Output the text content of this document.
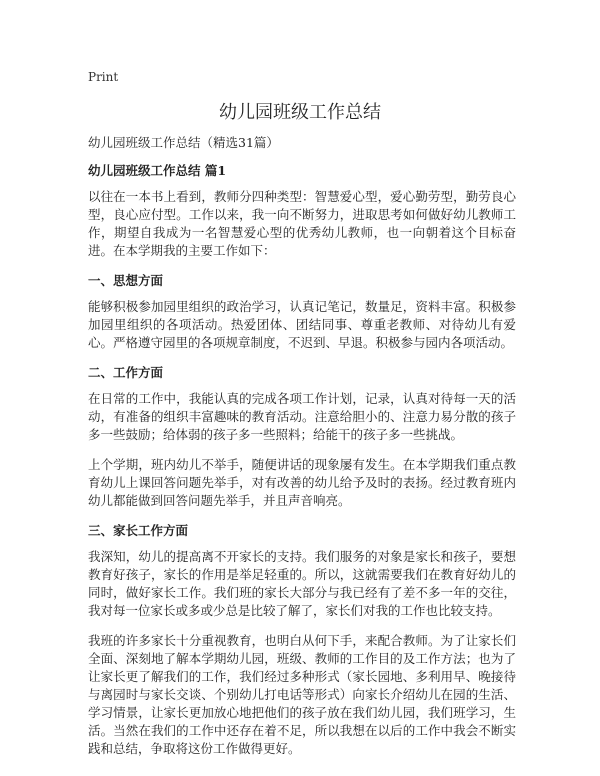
Print
幼儿园班级工作总结

幼儿园班级工作总结（精选31篇）

幼儿园班级工作总结 篇1

以往在一本书上看到，教师分四种类型：智慧爱心型，爱心勤劳型，勤劳良心型，良心应付型。工作以来，我一向不断努力，进取思考如何做好幼儿教师工作，期望自我成为一名智慧爱心型的优秀幼儿教师，也一向朝着这个目标奋进。在本学期我的主要工作如下：

一、思想方面

能够积极参加园里组织的政治学习，认真记笔记，数量足，资料丰富。积极参加园里组织的各项活动。热爱团体、团结同事、尊重老教师、对待幼儿有爱心。严格遵守园里的各项规章制度，不迟到、早退。积极参与园内各项活动。

二、工作方面

在日常的工作中，我能认真的完成各项工作计划，记录，认真对待每一天的活动，有准备的组织丰富趣味的教育活动。注意给胆小的、注意力易分散的孩子多一些鼓励；给体弱的孩子多一些照料；给能干的孩子多一些挑战。

上个学期，班内幼儿不举手，随便讲话的现象屡有发生。在本学期我们重点教育幼儿上课回答问题先举手，对有改善的幼儿给予及时的表扬。经过教育班内幼儿都能做到回答问题先举手，并且声音响亮。

三、家长工作方面

我深知，幼儿的提高离不开家长的支持。我们服务的对象是家长和孩子，要想教育好孩子，家长的作用是举足轻重的。所以，这就需要我们在教育好幼儿的同时，做好家长工作。我们班的家长大部分与我已经有了差不多一年的交往，我对每一位家长或多或少总是比较了解了，家长们对我的工作也比较支持。

我班的许多家长十分重视教育，也明白从何下手，来配合教师。为了让家长们全面、深刻地了解本学期幼儿园，班级、教师的工作目的及工作方法；也为了让家长更了解我们的工作，我们经过多种形式（家长园地、多利用早、晚接待与离园时与家长交谈、个别幼儿打电话等形式）向家长介绍幼儿在园的生活、学习情景，让家长更加放心地把他们的孩子放在我们幼儿园，我们班学习，生活。当然在我们的工作中还存在着不足，所以我想在以后的工作中我会不断实践和总结，争取将这份工作做得更好。
